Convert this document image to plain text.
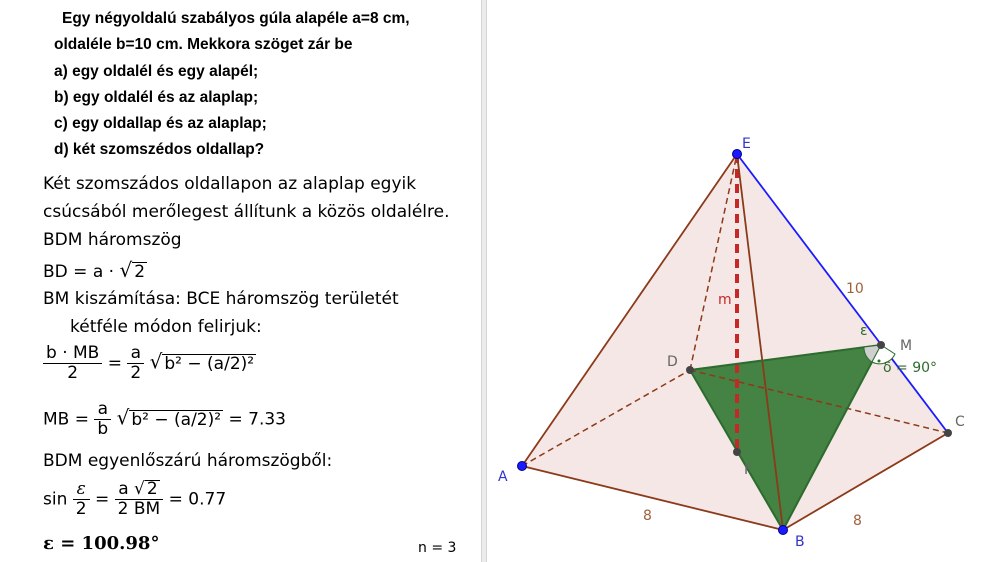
Egy négyoldalú szabályos gúla alapéle a=8 cm,
oldaléle b=10 cm. Mekkora szöget zár be
a) egy oldalél és egy alapél;
b) egy oldalél és az alaplap;
c) egy oldallap és az alaplap;
d) két szomszédos oldallap?
Két szomszádos oldallapon az alaplap egyik
csúcsából merőlegest állítunk a közös oldalélre.
BDM háromszög
BD = a · √ 2
BM kiszámítása: BCE háromszög területét
kétféle módon felirjuk:
$\frac{b \cdot MB}{2} = \frac{a}{2}$ √ b² − (a/2)²
MB = $\frac{a}{b}$ √ b² − (a/2)² = 7.33
BDM egyenlőszárú háromszögből:
$\sin \frac{\varepsilon}{2} = \frac{a √ 2}{2 BM} = 0.77$
ε = 100.98°	n = 3
E
A
B
C
D
M
F
8	8
10
m
ε
δ = 90°
